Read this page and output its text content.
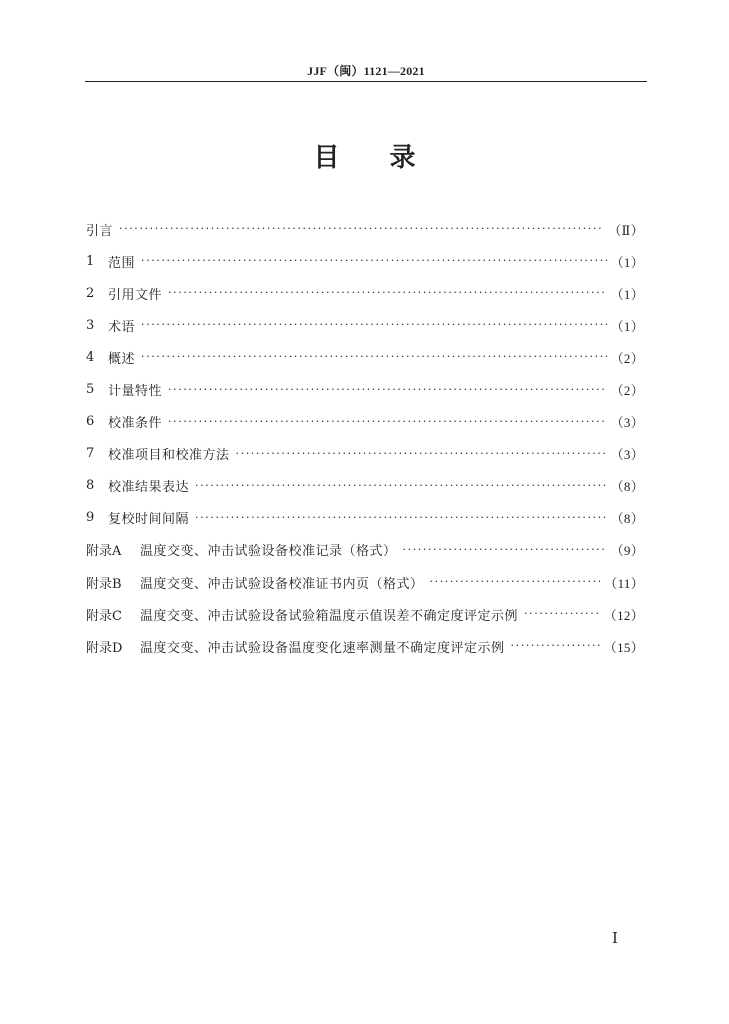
JJF（闽）1121—2021
目 录
引言 ·····	（Ⅱ）
1	范围 ·····	（1）
2	引用文件 ·····	（1）
3	术语 ·····	（1）
4	概述 ·····	（2）
5	计量特性 ·····	（2）
6	校准条件 ·····	（3）
7	校准项目和校准方法 ·····	（3）
8	校准结果表达 ·····	（8）
9	复校时间间隔 ·····	（8）
附录A	温度交变、冲击试验设备校准记录（格式） ·····	（9）
附录B	温度交变、冲击试验设备校准证书内页（格式） ·····	（11）
附录C	温度交变、冲击试验设备试验箱温度示值误差不确定度评定示例 ·····	（12）
附录D	温度交变、冲击试验设备温度变化速率测量不确定度评定示例 ·····	（15）
Ⅰ
